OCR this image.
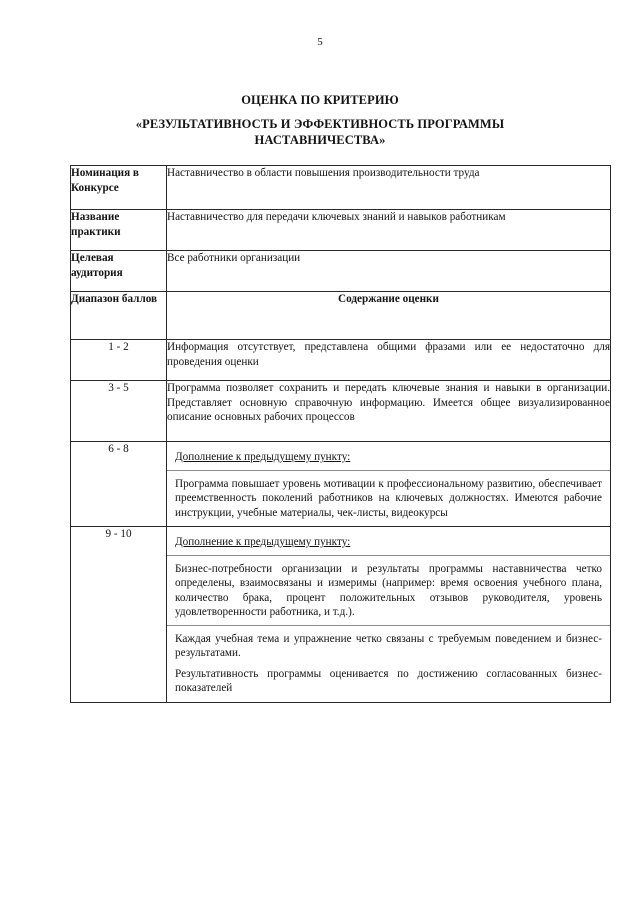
5
ОЦЕНКА ПО КРИТЕРИЮ
«РЕЗУЛЬТАТИВНОСТЬ И ЭФФЕКТИВНОСТЬ ПРОГРАММЫ
НАСТАВНИЧЕСТВА»
Номинация в Конкурсе	Наставничество в области повышения производительности труда
Название практики	Наставничество для передачи ключевых знаний и навыков работникам
Целевая аудитория	Все работники организации
Диапазон баллов	Содержание оценки
1 - 2	Информация отсутствует, представлена общими фразами или ее недостаточно для проведения оценки
3 - 5	Программа позволяет сохранить и передать ключевые знания и навыки в организации. Представляет основную справочную информацию. Имеется общее визуализированное описание основных рабочих процессов
6 - 8	Дополнение к предыдущему пункту:
Программа повышает уровень мотивации к профессиональному развитию, обеспечивает преемственность поколений работников на ключевых должностях. Имеются рабочие инструкции, учебные материалы, чек-листы, видеокурсы

9 - 10	Дополнение к предыдущему пункту:
Бизнес-потребности организации и результаты программы наставничества четко определены, взаимосвязаны и измеримы (например: время освоения учебного плана, количество брака, процент положительных отзывов руководителя, уровень удовлетворенности работника, и т.д.).
Каждая учебная тема и упражнение четко связаны с требуемым поведением и бизнес-результатами.
Результативность программы оценивается по достижению согласованных бизнес-показателей
